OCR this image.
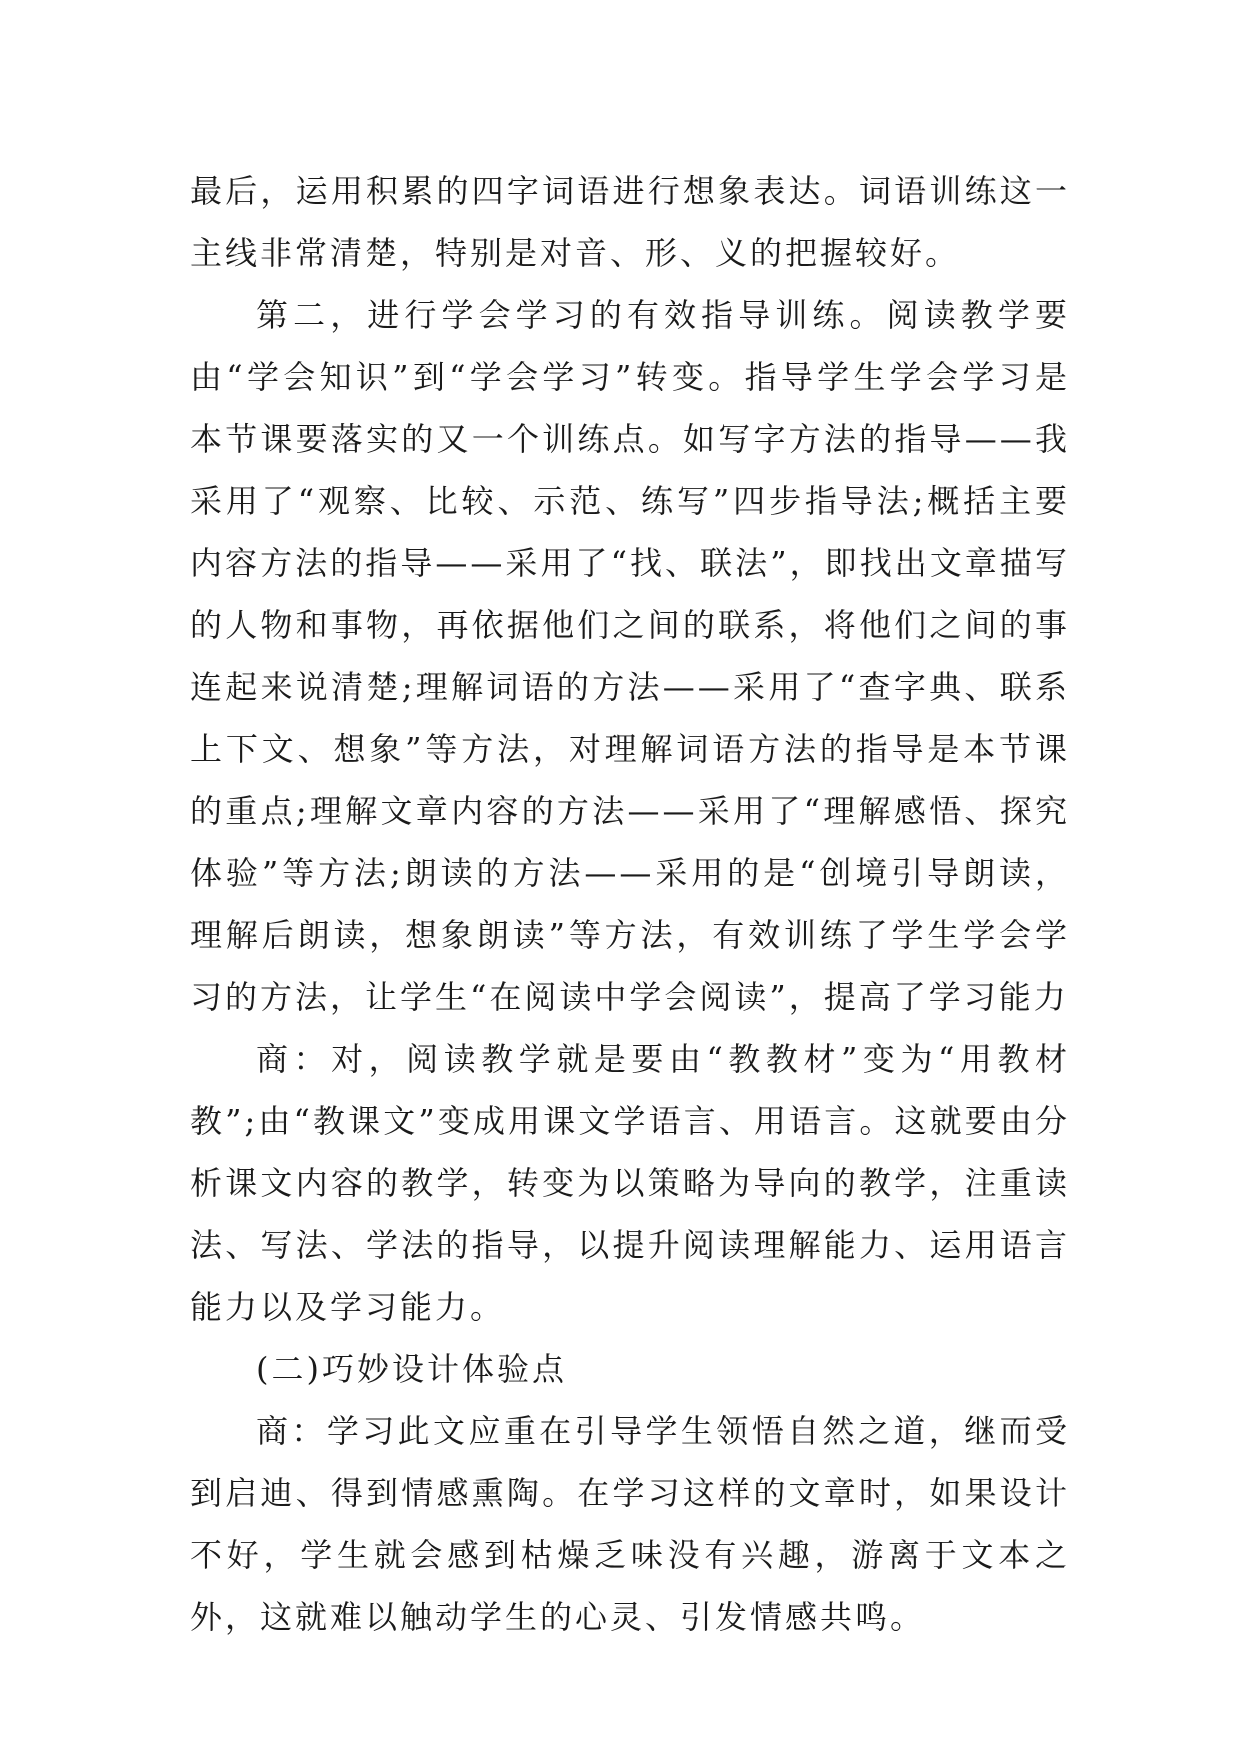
最后，运用积累的四字词语进行想象表达。词语训练这一主线非常清楚，特别是对音、形、义的把握较好。

第二，进行学会学习的有效指导训练。阅读教学要由“学会知识”到“学会学习”转变。指导学生学会学习是本节课要落实的又一个训练点。如写字方法的指导——我采用了“观察、比较、示范、练写”四步指导法;概括主要内容方法的指导——采用了“找、联法”，即找出文章描写的人物和事物，再依据他们之间的联系，将他们之间的事连起来说清楚;理解词语的方法——采用了“查字典、联系上下文、想象”等方法，对理解词语方法的指导是本节课的重点;理解文章内容的方法——采用了“理解感悟、探究体验”等方法;朗读的方法——采用的是“创境引导朗读，理解后朗读，想象朗读”等方法，有效训练了学生学会学习的方法，让学生“在阅读中学会阅读”，提高了学习能力

商：对，阅读教学就是要由“教教材”变为“用教材教”;由“教课文”变成用课文学语言、用语言。这就要由分析课文内容的教学，转变为以策略为导向的教学，注重读法、写法、学法的指导，以提升阅读理解能力、运用语言能力以及学习能力。

(二)巧妙设计体验点

商：学习此文应重在引导学生领悟自然之道，继而受到启迪、得到情感熏陶。在学习这样的文章时，如果设计不好，学生就会感到枯燥乏味没有兴趣，游离于文本之外，这就难以触动学生的心灵、引发情感共鸣。
